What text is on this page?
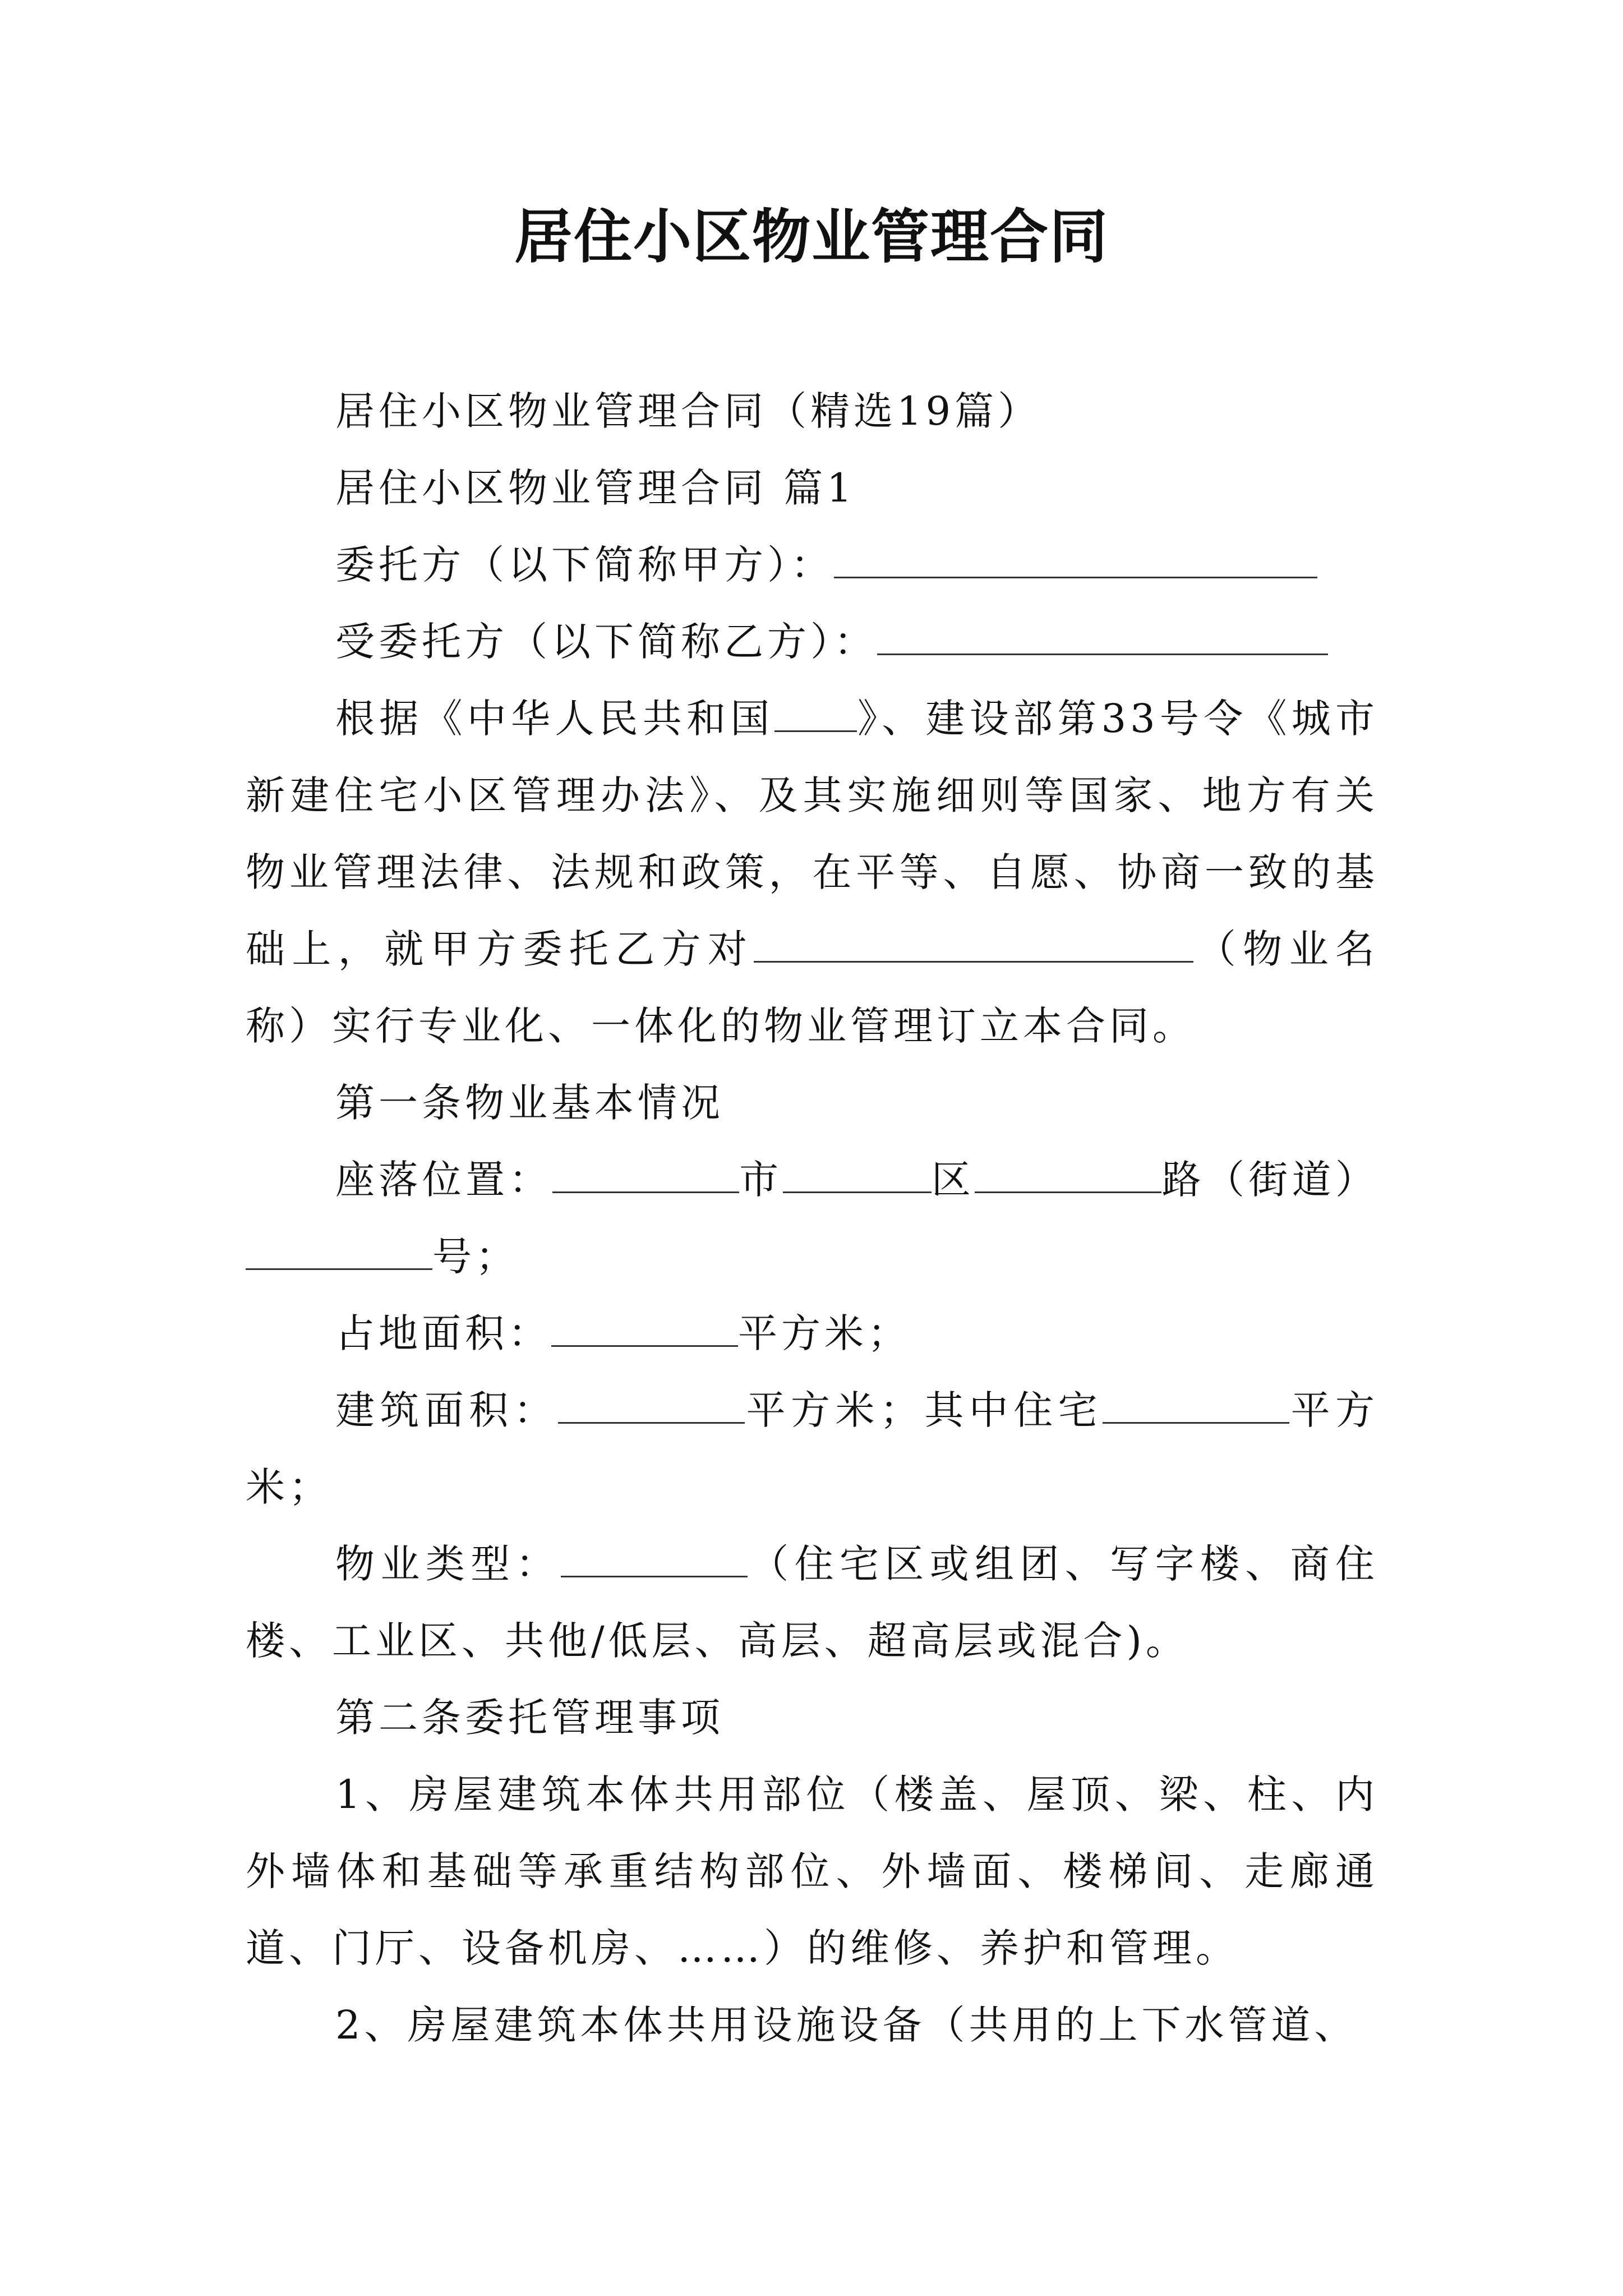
居住小区物业管理合同

居住小区物业管理合同（精选19篇）

居住小区物业管理合同 篇1

委托方（以下简称甲方）：

受委托方（以下简称乙方）：

根据《中华人民共和国 》、建设部第33号令《城市新建住宅小区管理办法》、及其实施细则等国家、地方有关物业管理法律、法规和政策，在平等、自愿、协商一致的基础上，就甲方委托乙方对	（物业名称）实行专业化、一体化的物业管理订立本合同。

第一条物业基本情况

座落位置：	市	区	路（街道）号；

占地面积：	平方米；

建筑面积：	平方米；其中住宅	平方米；

物业类型：	（住宅区或组团、写字楼、商住楼、工业区、共他/低层、高层、超高层或混合)。

第二条委托管理事项

1、房屋建筑本体共用部位（楼盖、屋顶、梁、柱、内外墙体和基础等承重结构部位、外墙面、楼梯间、走廊通道、门厅、设备机房、……）的维修、养护和管理。

2、房屋建筑本体共用设施设备（共用的上下水管道、
